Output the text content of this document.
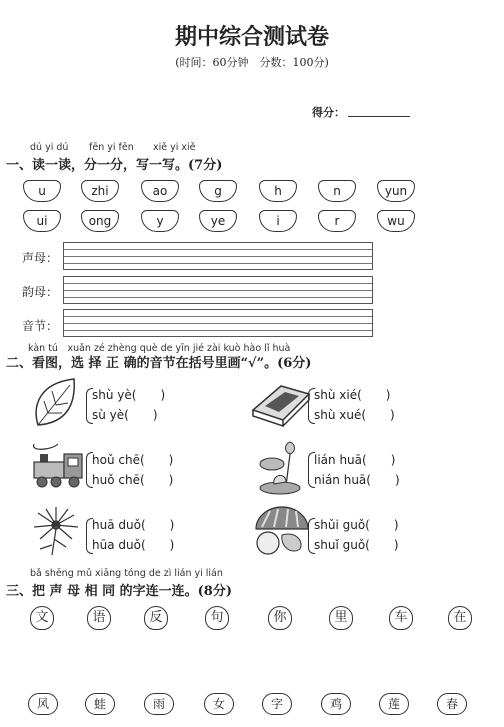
期中综合测试卷
(时间：60分钟　分数：100分)
得分：
dú yi dú fēn yi fēn xiě yi xiě
一、读一读，分一分，写一写。(7分)
u	zhi	ao	g	h	n	yun
ui	ong	y	ye	i	r	wu
声母：
韵母：
音节：
kàn tú　xuǎn zé zhèng què de yīn jié zài kuò hào lǐ huà
二、看图，选 择 正 确的音节在括号里画“√”。(6分)
shù yè(　　)
sù yè(　　)
shù xié(　　)
shù xué(　　)
hoǔ chē(　　)
huǒ chē(　　)
lián huā(　　)
nián huā(　　)
huā duǒ(　　)
hūa duǒ(　　)
shǔi guǒ(　　)
shuǐ guǒ(　　)
bǎ shēng mǔ xiāng tóng de zì lián yi lián
三、把 声 母 相 同 的字连一连。(8分)
文	语	反	句	你	里	车	在
风	蛙	雨	女	字	鸡	莲	春
